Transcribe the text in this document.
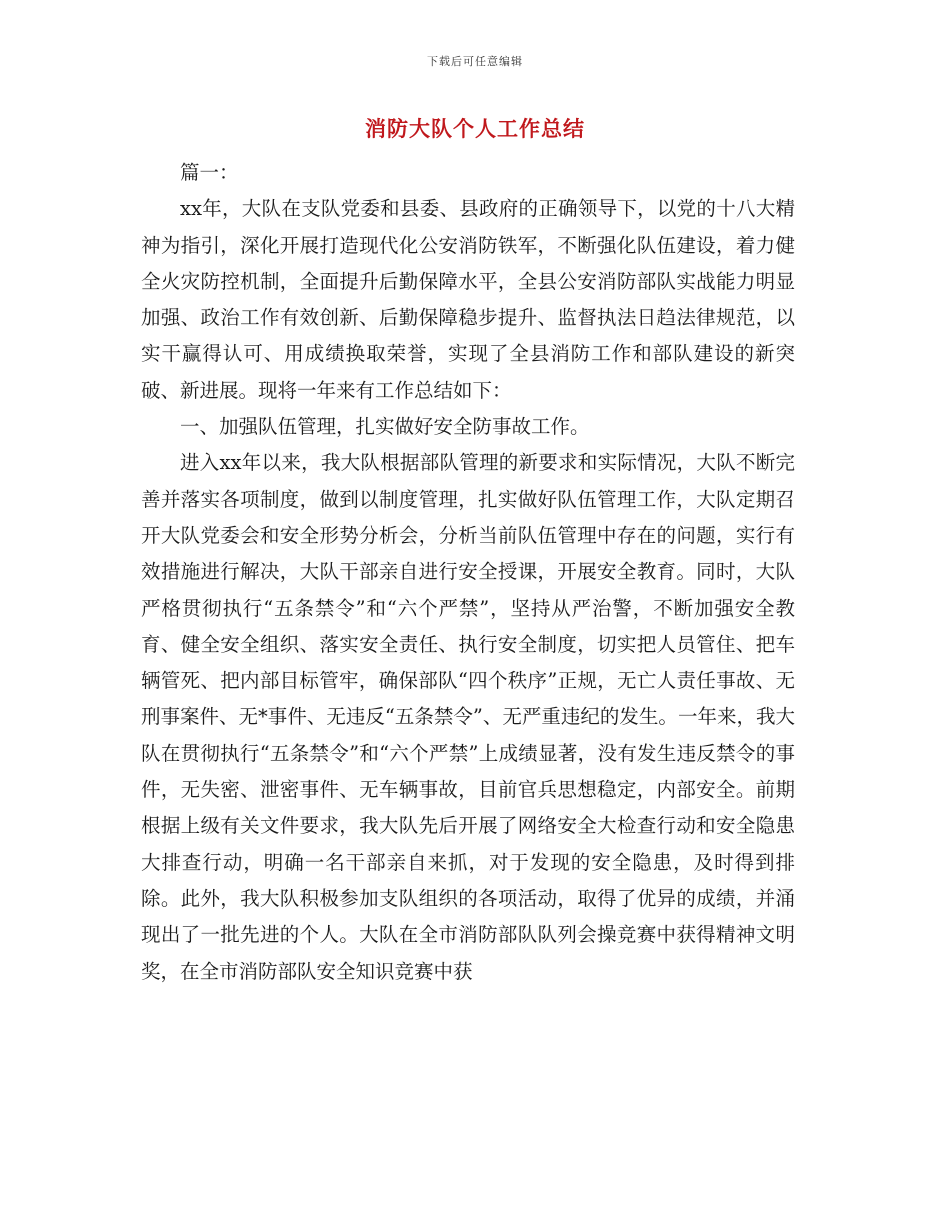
下载后可任意编辑
消防大队个人工作总结

篇一：

xx年，大队在支队党委和县委、县政府的正确领导下，以党的十八大精神为指引，深化开展打造现代化公安消防铁军，不断强化队伍建设，着力健全火灾防控机制，全面提升后勤保障水平，全县公安消防部队实战能力明显加强、政治工作有效创新、后勤保障稳步提升、监督执法日趋法律规范，以实干赢得认可、用成绩换取荣誉，实现了全县消防工作和部队建设的新突破、新进展。现将一年来有工作总结如下：

一、加强队伍管理，扎实做好安全防事故工作。

进入xx年以来，我大队根据部队管理的新要求和实际情况，大队不断完善并落实各项制度，做到以制度管理，扎实做好队伍管理工作，大队定期召开大队党委会和安全形势分析会，分析当前队伍管理中存在的问题，实行有效措施进行解决，大队干部亲自进行安全授课，开展安全教育。同时，大队严格贯彻执行“五条禁令”和“六个严禁”，坚持从严治警，不断加强安全教育、健全安全组织、落实安全责任、执行安全制度，切实把人员管住、把车辆管死、把内部目标管牢，确保部队“四个秩序”正规，无亡人责任事故、无刑事案件、无*事件、无违反“五条禁令”、无严重违纪的发生。一年来，我大队在贯彻执行“五条禁令”和“六个严禁”上成绩显著，没有发生违反禁令的事件，无失密、泄密事件、无车辆事故，目前官兵思想稳定，内部安全。前期根据上级有关文件要求，我大队先后开展了网络安全大检查行动和安全隐患大排查行动，明确一名干部亲自来抓，对于发现的安全隐患，及时得到排除。此外，我大队积极参加支队组织的各项活动，取得了优异的成绩，并涌现出了一批先进的个人。大队在全市消防部队队列会操竞赛中获得精神文明奖，在全市消防部队安全知识竞赛中获
